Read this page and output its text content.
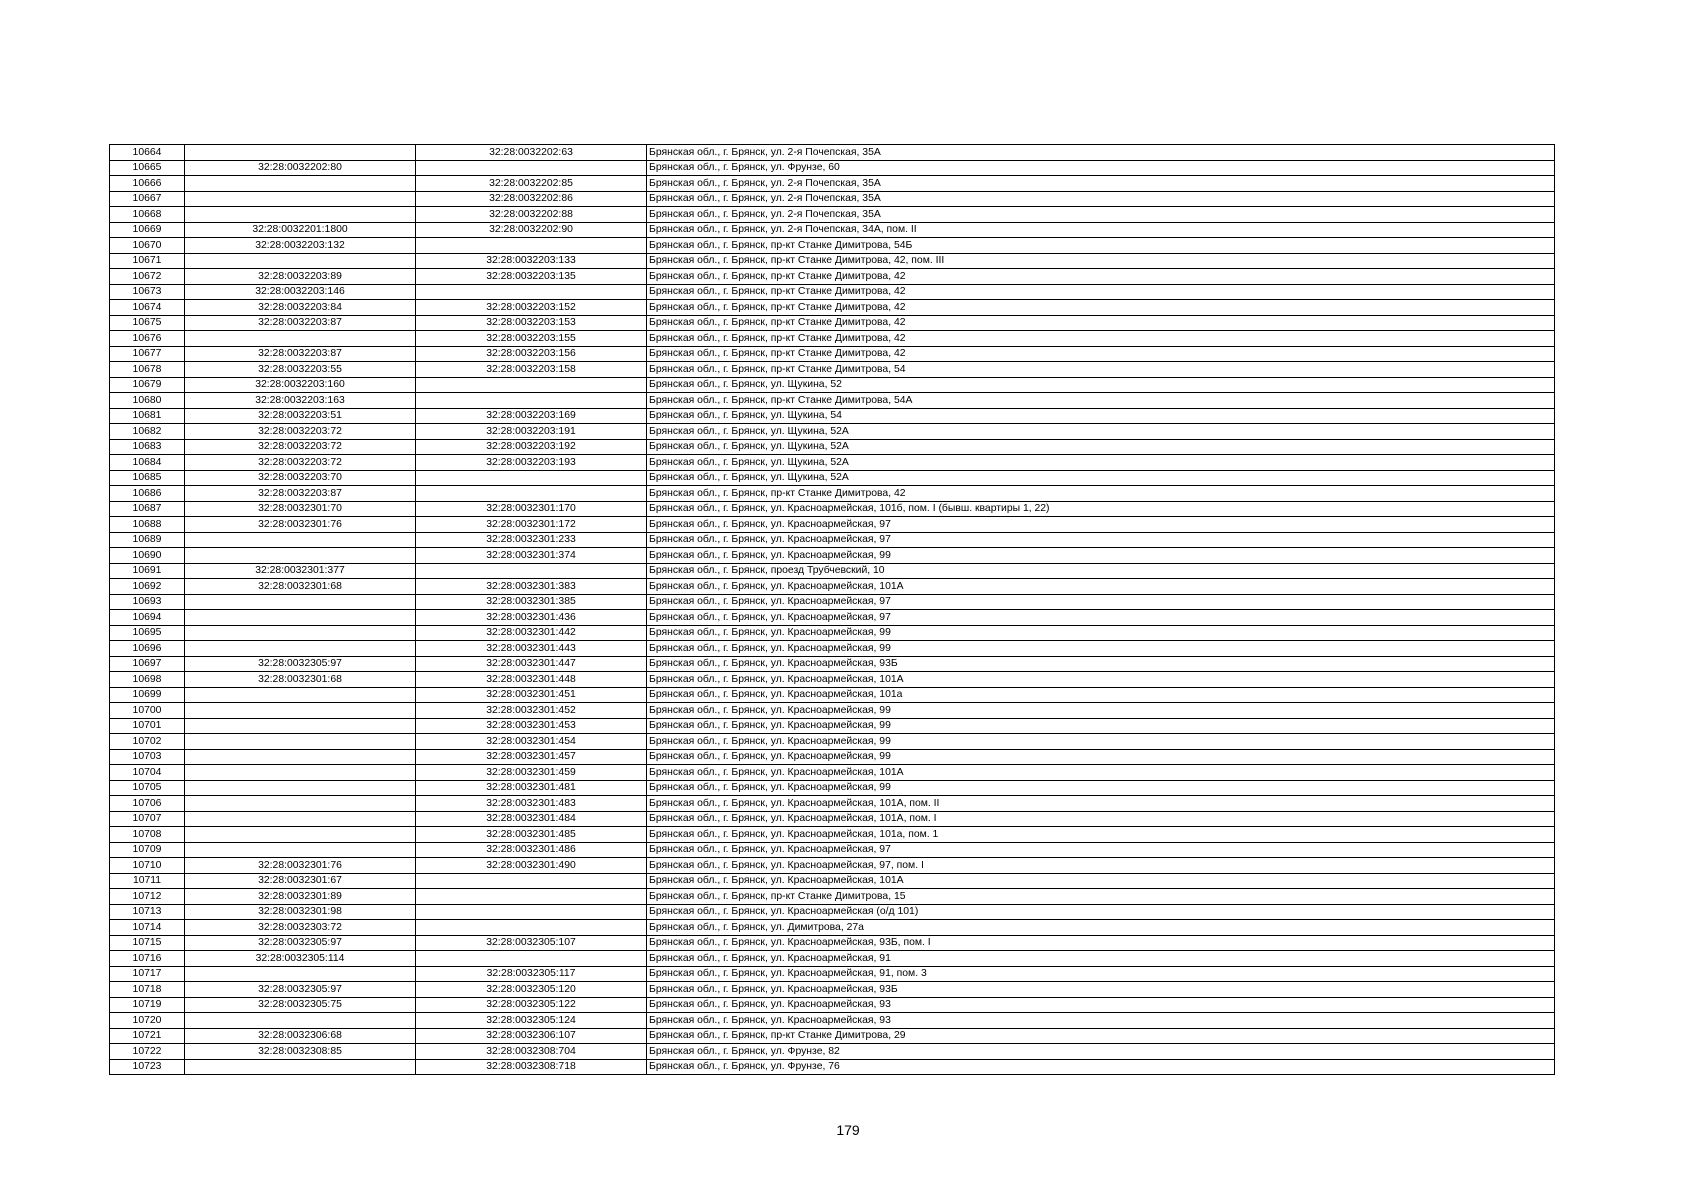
10664		32:28:0032202:63	Брянская обл., г. Брянск, ул. 2-я Почепская, 35А
10665	32:28:0032202:80		Брянская обл., г. Брянск, ул. Фрунзе, 60
10666		32:28:0032202:85	Брянская обл., г. Брянск, ул. 2-я Почепская, 35А
10667		32:28:0032202:86	Брянская обл., г. Брянск, ул. 2-я Почепская, 35А
10668		32:28:0032202:88	Брянская обл., г. Брянск, ул. 2-я Почепская, 35А
10669	32:28:0032201:1800	32:28:0032202:90	Брянская обл., г. Брянск, ул. 2-я Почепская, 34А, пом. II
10670	32:28:0032203:132		Брянская обл., г. Брянск, пр-кт Станке Димитрова, 54Б
10671		32:28:0032203:133	Брянская обл., г. Брянск, пр-кт Станке Димитрова, 42, пом. III
10672	32:28:0032203:89	32:28:0032203:135	Брянская обл., г. Брянск, пр-кт Станке Димитрова, 42
10673	32:28:0032203:146		Брянская обл., г. Брянск, пр-кт Станке Димитрова, 42
10674	32:28:0032203:84	32:28:0032203:152	Брянская обл., г. Брянск, пр-кт Станке Димитрова, 42
10675	32:28:0032203:87	32:28:0032203:153	Брянская обл., г. Брянск, пр-кт Станке Димитрова, 42
10676		32:28:0032203:155	Брянская обл., г. Брянск, пр-кт Станке Димитрова, 42
10677	32:28:0032203:87	32:28:0032203:156	Брянская обл., г. Брянск, пр-кт Станке Димитрова, 42
10678	32:28:0032203:55	32:28:0032203:158	Брянская обл., г. Брянск, пр-кт Станке Димитрова, 54
10679	32:28:0032203:160		Брянская обл., г. Брянск, ул. Щукина, 52
10680	32:28:0032203:163		Брянская обл., г. Брянск, пр-кт Станке Димитрова, 54А
10681	32:28:0032203:51	32:28:0032203:169	Брянская обл., г. Брянск, ул. Щукина, 54
10682	32:28:0032203:72	32:28:0032203:191	Брянская обл., г. Брянск, ул. Щукина, 52А
10683	32:28:0032203:72	32:28:0032203:192	Брянская обл., г. Брянск, ул. Щукина, 52А
10684	32:28:0032203:72	32:28:0032203:193	Брянская обл., г. Брянск, ул. Щукина, 52А
10685	32:28:0032203:70		Брянская обл., г. Брянск, ул. Щукина, 52А
10686	32:28:0032203:87		Брянская обл., г. Брянск, пр-кт Станке Димитрова, 42
10687	32:28:0032301:70	32:28:0032301:170	Брянская обл., г. Брянск, ул. Красноармейская, 101б, пом. I (бывш. квартиры 1, 22)
10688	32:28:0032301:76	32:28:0032301:172	Брянская обл., г. Брянск, ул. Красноармейская, 97
10689		32:28:0032301:233	Брянская обл., г. Брянск, ул. Красноармейская, 97
10690		32:28:0032301:374	Брянская обл., г. Брянск, ул. Красноармейская, 99
10691	32:28:0032301:377		Брянская обл., г. Брянск, проезд Трубчевский, 10
10692	32:28:0032301:68	32:28:0032301:383	Брянская обл., г. Брянск, ул. Красноармейская, 101А
10693		32:28:0032301:385	Брянская обл., г. Брянск, ул. Красноармейская, 97
10694		32:28:0032301:436	Брянская обл., г. Брянск, ул. Красноармейская, 97
10695		32:28:0032301:442	Брянская обл., г. Брянск, ул. Красноармейская, 99
10696		32:28:0032301:443	Брянская обл., г. Брянск, ул. Красноармейская, 99
10697	32:28:0032305:97	32:28:0032301:447	Брянская обл., г. Брянск, ул. Красноармейская, 93Б
10698	32:28:0032301:68	32:28:0032301:448	Брянская обл., г. Брянск, ул. Красноармейская, 101А
10699		32:28:0032301:451	Брянская обл., г. Брянск, ул. Красноармейская, 101а
10700		32:28:0032301:452	Брянская обл., г. Брянск, ул. Красноармейская, 99
10701		32:28:0032301:453	Брянская обл., г. Брянск, ул. Красноармейская, 99
10702		32:28:0032301:454	Брянская обл., г. Брянск, ул. Красноармейская, 99
10703		32:28:0032301:457	Брянская обл., г. Брянск, ул. Красноармейская, 99
10704		32:28:0032301:459	Брянская обл., г. Брянск, ул. Красноармейская, 101А
10705		32:28:0032301:481	Брянская обл., г. Брянск, ул. Красноармейская, 99
10706		32:28:0032301:483	Брянская обл., г. Брянск, ул. Красноармейская, 101А, пом. II
10707		32:28:0032301:484	Брянская обл., г. Брянск, ул. Красноармейская, 101А, пом. I
10708		32:28:0032301:485	Брянская обл., г. Брянск, ул. Красноармейская, 101а, пом. 1
10709		32:28:0032301:486	Брянская обл., г. Брянск, ул. Красноармейская, 97
10710	32:28:0032301:76	32:28:0032301:490	Брянская обл., г. Брянск, ул. Красноармейская, 97, пом. I
10711	32:28:0032301:67		Брянская обл., г. Брянск, ул. Красноармейская, 101А
10712	32:28:0032301:89		Брянская обл., г. Брянск, пр-кт Станке Димитрова, 15
10713	32:28:0032301:98		Брянская обл., г. Брянск, ул. Красноармейская (о/д 101)
10714	32:28:0032303:72		Брянская обл., г. Брянск, ул. Димитрова, 27а
10715	32:28:0032305:97	32:28:0032305:107	Брянская обл., г. Брянск, ул. Красноармейская, 93Б, пом. I
10716	32:28:0032305:114		Брянская обл., г. Брянск, ул. Красноармейская, 91
10717		32:28:0032305:117	Брянская обл., г. Брянск, ул. Красноармейская, 91, пом. 3
10718	32:28:0032305:97	32:28:0032305:120	Брянская обл., г. Брянск, ул. Красноармейская, 93Б
10719	32:28:0032305:75	32:28:0032305:122	Брянская обл., г. Брянск, ул. Красноармейская, 93
10720		32:28:0032305:124	Брянская обл., г. Брянск, ул. Красноармейская, 93
10721	32:28:0032306:68	32:28:0032306:107	Брянская обл., г. Брянск, пр-кт Станке Димитрова, 29
10722	32:28:0032308:85	32:28:0032308:704	Брянская обл., г. Брянск, ул. Фрунзе, 82
10723		32:28:0032308:718	Брянская обл., г. Брянск, ул. Фрунзе, 76
179
